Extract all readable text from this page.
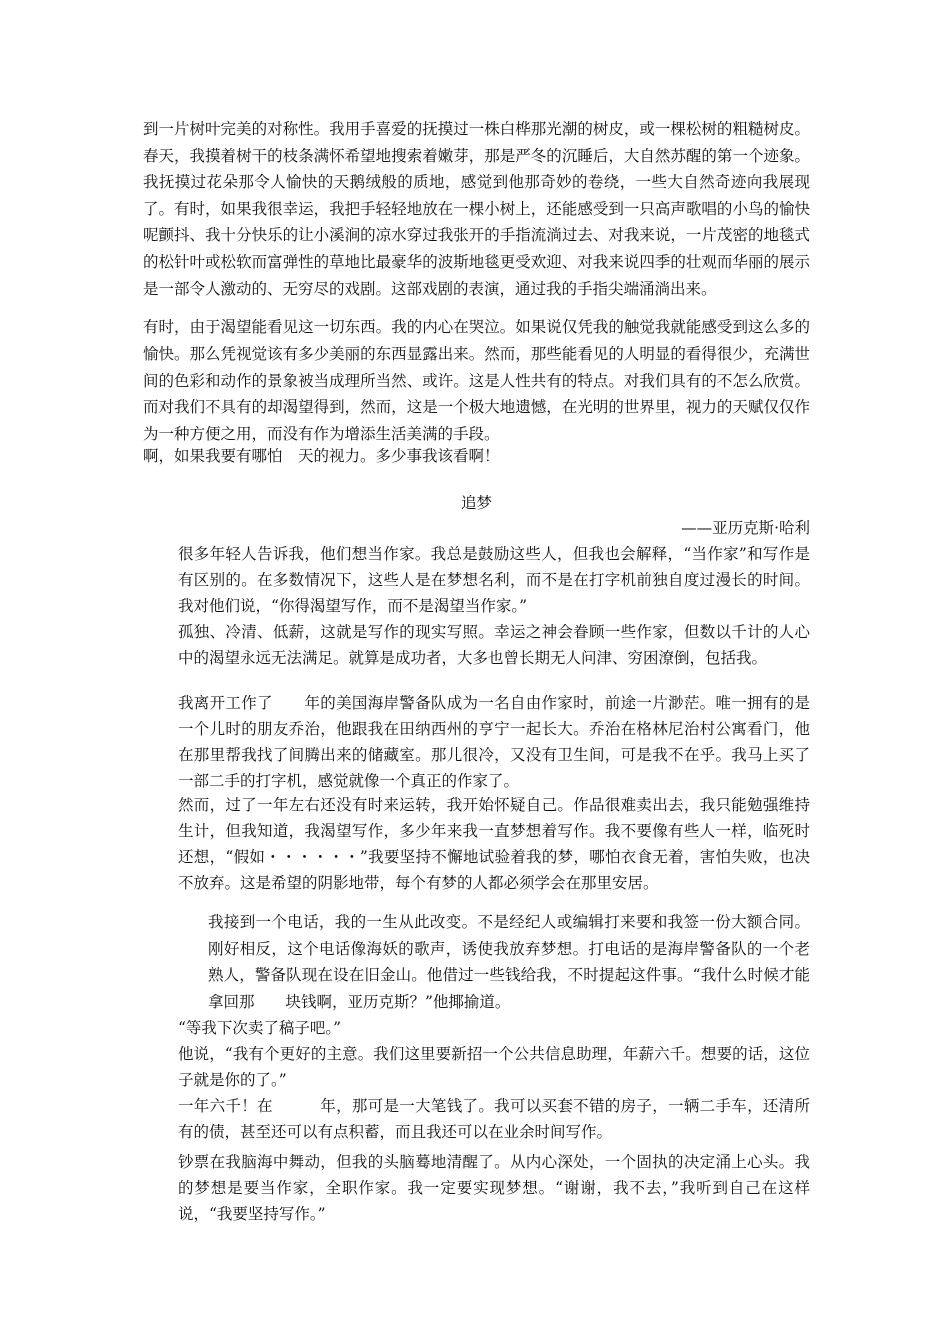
到一片树叶完美的对称性。我用手喜爱的抚摸过一株白桦那光潮的树皮，或一棵松树的粗糙树皮。春天，我摸着树干的枝条满怀希望地搜索着嫩芽，那是严冬的沉睡后，大自然苏醒的第一个迹象。我抚摸过花朵那令人愉快的天鹅绒般的质地，感觉到他那奇妙的卷绕，一些大自然奇迹向我展现了。有时，如果我很幸运，我把手轻轻地放在一棵小树上，还能感受到一只高声歌唱的小鸟的愉快呢颤抖、我十分快乐的让小溪涧的凉水穿过我张开的手指流淌过去、对我来说，一片茂密的地毯式的松针叶或松软而富弹性的草地比最豪华的波斯地毯更受欢迎、对我来说四季的壮观而华丽的展示是一部令人激动的、无穷尽的戏剧。这部戏剧的表演，通过我的手指尖端涌淌出来。

有时，由于渴望能看见这一切东西。我的内心在哭泣。如果说仅凭我的触觉我就能感受到这么多的愉快。那么凭视觉该有多少美丽的东西显露出来。然而，那些能看见的人明显的看得很少，充满世间的色彩和动作的景象被当成理所当然、或许。这是人性共有的特点。对我们具有的不怎么欣赏。而对我们不具有的却渴望得到，然而，这是一个极大地遗憾，在光明的世界里，视力的天赋仅仅作为一种方便之用，而没有作为增添生活美满的手段。

啊，如果我要有哪怕　天的视力。多少事我该看啊！

追梦
——亚历克斯·哈利

很多年轻人告诉我，他们想当作家。我总是鼓励这些人，但我也会解释，“当作家”和写作是有区别的。在多数情况下，这些人是在梦想名利，而不是在打字机前独自度过漫长的时间。我对他们说，“你得渴望写作，而不是渴望当作家。”

孤独、冷清、低薪，这就是写作的现实写照。幸运之神会眷顾一些作家，但数以千计的人心中的渴望永远无法满足。就算是成功者，大多也曾长期无人问津、穷困潦倒，包括我。

我离开工作了　　年的美国海岸警备队成为一名自由作家时，前途一片渺茫。唯一拥有的是一个儿时的朋友乔治，他跟我在田纳西州的亨宁一起长大。乔治在格林尼治村公寓看门，他在那里帮我找了间腾出来的储藏室。那儿很冷，又没有卫生间，可是我不在乎。我马上买了一部二手的打字机，感觉就像一个真正的作家了。

然而，过了一年左右还没有时来运转，我开始怀疑自己。作品很难卖出去，我只能勉强维持生计，但我知道，我渴望写作，多少年来我一直梦想着写作。我不要像有些人一样，临死时还想，“假如・・・・・・”我要坚持不懈地试验着我的梦，哪怕衣食无着，害怕失败，也决不放弃。这是希望的阴影地带，每个有梦的人都必须学会在那里安居。

我接到一个电话，我的一生从此改变。不是经纪人或编辑打来要和我签一份大额合同。刚好相反，这个电话像海妖的歌声，诱使我放弃梦想。打电话的是海岸警备队的一个老熟人，警备队现在设在旧金山。他借过一些钱给我，不时提起这件事。“我什么时候才能拿回那　　块钱啊，亚历克斯？”他揶揄道。

“等我下次卖了稿子吧。”

他说，“我有个更好的主意。我们这里要新招一个公共信息助理，年薪六千。想要的话，这位子就是你的了。”

一年六千！在　　　年，那可是一大笔钱了。我可以买套不错的房子，一辆二手车，还清所有的债，甚至还可以有点积蓄，而且我还可以在业余时间写作。

钞票在我脑海中舞动，但我的头脑蓦地清醒了。从内心深处，一个固执的决定涌上心头。我的梦想是要当作家，全职作家。我一定要实现梦想。“谢谢，我不去，”我听到自己在这样说，“我要坚持写作。”
